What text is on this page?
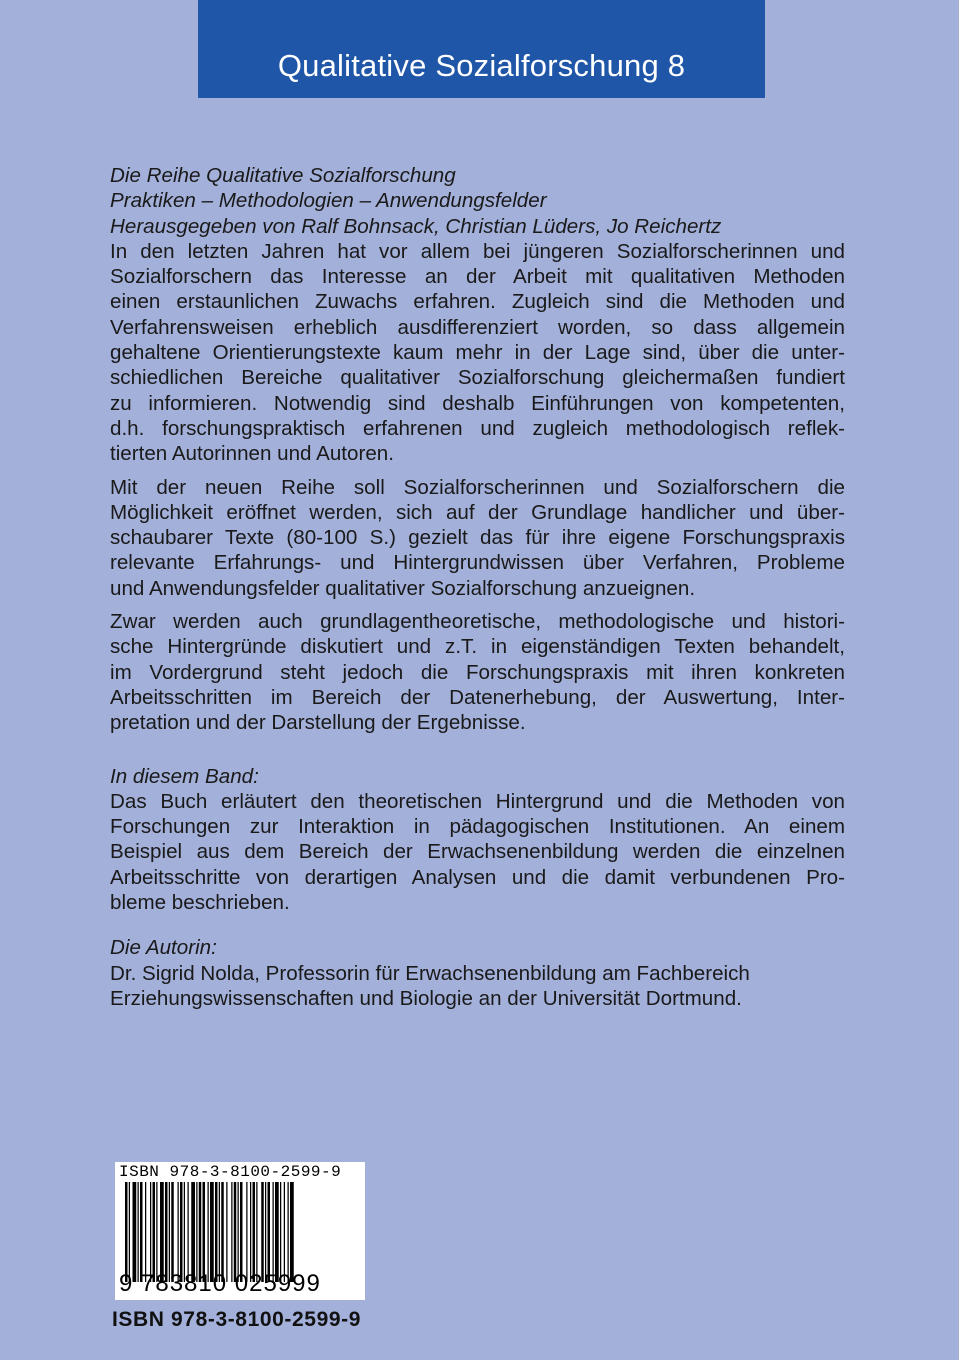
Qualitative Sozialforschung 8
Die Reihe Qualitative Sozialforschung
Praktiken – Methodologien – Anwendungsfelder
Herausgegeben von Ralf Bohnsack, Christian Lüders, Jo Reichertz
In den letzten Jahren hat vor allem bei jüngeren Sozialforscherinnen und
Sozialforschern das Interesse an der Arbeit mit qualitativen Methoden
einen erstaunlichen Zuwachs erfahren. Zugleich sind die Methoden und
Verfahrensweisen erheblich ausdifferenziert worden, so dass allgemein
gehaltene Orientierungstexte kaum mehr in der Lage sind, über die unter-
schiedlichen Bereiche qualitativer Sozialforschung gleichermaßen fundiert
zu informieren. Notwendig sind deshalb Einführungen von kompetenten,
d.h. forschungspraktisch erfahrenen und zugleich methodologisch reflek-
tierten Autorinnen und Autoren.
Mit der neuen Reihe soll Sozialforscherinnen und Sozialforschern die
Möglichkeit eröffnet werden, sich auf der Grundlage handlicher und über-
schaubarer Texte (80-100 S.) gezielt das für ihre eigene Forschungspraxis
relevante Erfahrungs- und Hintergrundwissen über Verfahren, Probleme
und Anwendungsfelder qualitativer Sozialforschung anzueignen.
Zwar werden auch grundlagentheoretische, methodologische und histori-
sche Hintergründe diskutiert und z.T. in eigenständigen Texten behandelt,
im Vordergrund steht jedoch die Forschungspraxis mit ihren konkreten
Arbeitsschritten im Bereich der Datenerhebung, der Auswertung, Inter-
pretation und der Darstellung der Ergebnisse.
In diesem Band:
Das Buch erläutert den theoretischen Hintergrund und die Methoden von
Forschungen zur Interaktion in pädagogischen Institutionen. An einem
Beispiel aus dem Bereich der Erwachsenenbildung werden die einzelnen
Arbeitsschritte von derartigen Analysen und die damit verbundenen Pro-
bleme beschrieben.
Die Autorin:
Dr. Sigrid Nolda, Professorin für Erwachsenenbildung am Fachbereich
Erziehungswissenschaften und Biologie an der Universität Dortmund.
ISBN 978-3-8100-2599-9
9 783810 025999
ISBN 978-3-8100-2599-9
